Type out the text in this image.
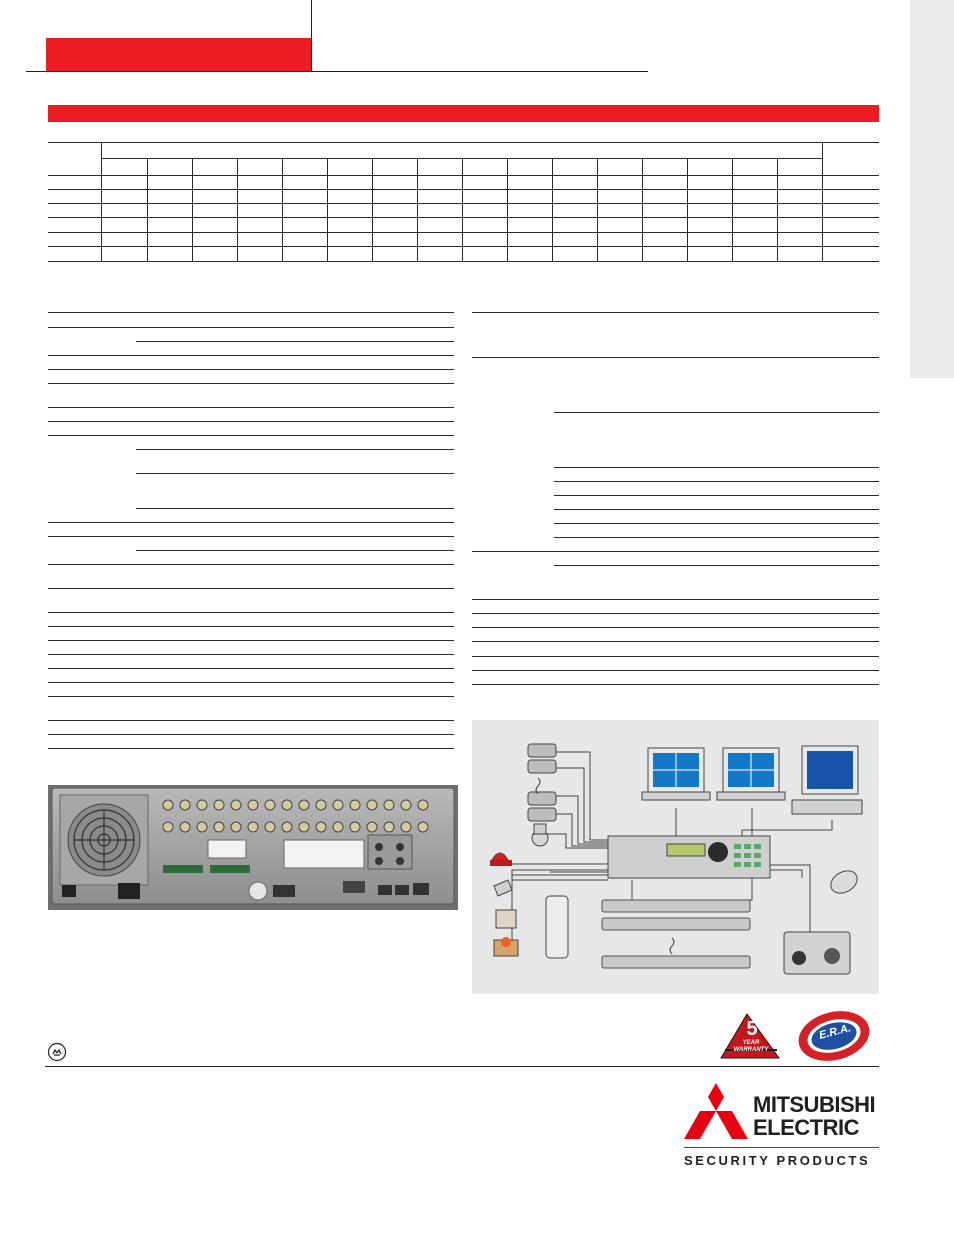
5
YEAR WARRANTY
E.R.A.
MITSUBISHI
ELECTRIC
SECURITY PRODUCTS
